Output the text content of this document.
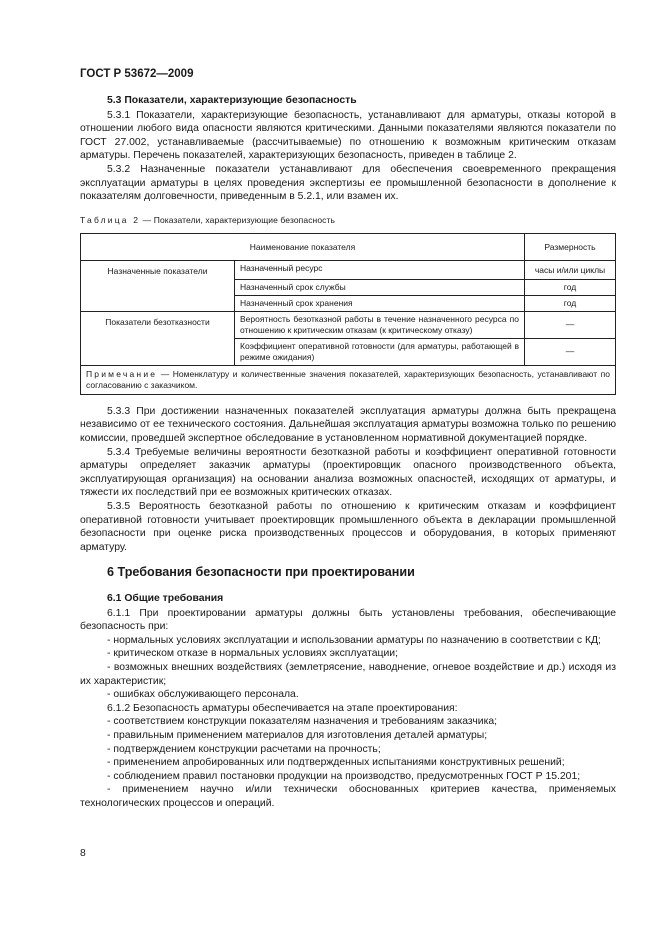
ГОСТ Р 53672—2009

5.3 Показатели, характеризующие безопасность

5.3.1 Показатели, характеризующие безопасность, устанавливают для арматуры, отказы которой в отношении любого вида опасности являются критическими. Данными показателями являются показатели по ГОСТ 27.002, устанавливаемые (рассчитываемые) по отношению к возможным критическим отказам арматуры. Перечень показателей, характеризующих безопасность, приведен в таблице 2.

5.3.2 Назначенные показатели устанавливают для обеспечения своевременного прекращения эксплуатации арматуры в целях проведения экспертизы ее промышленной безопасности в дополнение к показателям долговечности, приведенным в 5.2.1, или взамен их.

Таблица 2 — Показатели, характеризующие безопасность

Наименование показателя		Размерность
Назначенные показатели	Назначенный ресурс	часы и/или циклы
	Назначенный срок службы	год
	Назначенный срок хранения	год
Показатели безотказности	Вероятность безотказной работы в течение назначенного ресурса по отношению к критическим отказам (к критическому отказу)	—
	Коэффициент оперативной готовности (для арматуры, работающей в режиме ожидания)	—
Примечание — Номенклатуру и количественные значения показателей, характеризующих безопасность, устанавливают по согласованию с заказчиком.		

5.3.3 При достижении назначенных показателей эксплуатация арматуры должна быть прекращена независимо от ее технического состояния. Дальнейшая эксплуатация арматуры возможна только по решению комиссии, проведшей экспертное обследование в установленном нормативной документацией порядке.

5.3.4 Требуемые величины вероятности безотказной работы и коэффициент оперативной готовности арматуры определяет заказчик арматуры (проектировщик опасного производственного объекта, эксплуатирующая организация) на основании анализа возможных опасностей, исходящих от арматуры, и тяжести их последствий при ее возможных критических отказах.

5.3.5 Вероятность безотказной работы по отношению к критическим отказам и коэффициент оперативной готовности учитывает проектировщик промышленного объекта в декларации промышленной безопасности при оценке риска производственных процессов и оборудования, в которых применяют арматуру.

6 Требования безопасности при проектировании

6.1 Общие требования

6.1.1 При проектировании арматуры должны быть установлены требования, обеспечивающие безопасность при:

- нормальных условиях эксплуатации и использовании арматуры по назначению в соответствии с КД;

- критическом отказе в нормальных условиях эксплуатации;

- возможных внешних воздействиях (землетрясение, наводнение, огневое воздействие и др.) исходя из их характеристик;

- ошибках обслуживающего персонала.

6.1.2 Безопасность арматуры обеспечивается на этапе проектирования:

- соответствием конструкции показателям назначения и требованиям заказчика;

- правильным применением материалов для изготовления деталей арматуры;

- подтверждением конструкции расчетами на прочность;

- применением апробированных или подтвержденных испытаниями конструктивных решений;

- соблюдением правил постановки продукции на производство, предусмотренных ГОСТ Р 15.201;

- применением научно и/или технически обоснованных критериев качества, применяемых технологических процессов и операций.

8
